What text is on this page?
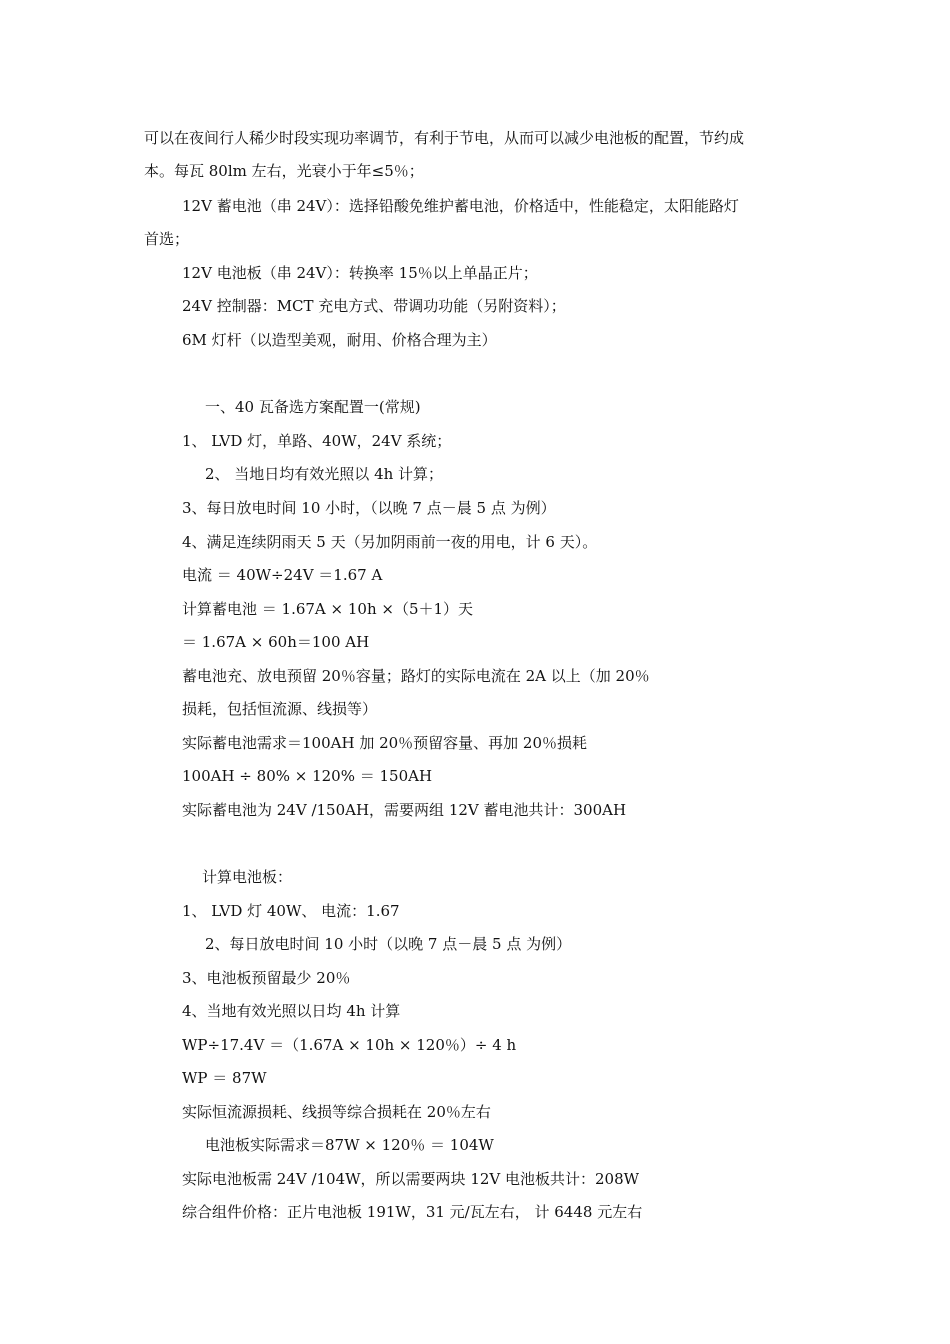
可以在夜间行人稀少时段实现功率调节，有利于节电，从而可以减少电池板的配置，节约成
本。每瓦 80lm 左右，光衰小于年≤5％；
12V 蓄电池（串 24V）：选择铅酸免维护蓄电池，价格适中，性能稳定，太阳能路灯
首选；
12V 电池板（串 24V）：转换率 15％以上单晶正片；
24V 控制器：MCT 充电方式、带调功功能（另附资料）；
6M 灯杆（以造型美观，耐用、价格合理为主）
一、40 瓦备选方案配置一(常规)
1、 LVD 灯，单路、40W，24V 系统；
2、 当地日均有效光照以 4h 计算；
3、每日放电时间 10 小时，（以晚 7 点－晨 5 点 为例）
4、满足连续阴雨天 5 天（另加阴雨前一夜的用电，计 6 天）。
电流 ＝ 40W÷24V ＝1.67 A
计算蓄电池 ＝ 1.67A × 10h ×（5＋1）天
＝ 1.67A × 60h＝100 AH
蓄电池充、放电预留 20％容量；路灯的实际电流在 2A 以上（加 20％
损耗，包括恒流源、线损等）
实际蓄电池需求＝100AH 加 20％预留容量、再加 20％损耗
100AH ÷ 80% × 120% ＝ 150AH
实际蓄电池为 24V /150AH，需要两组 12V 蓄电池共计：300AH
计算电池板：
1、 LVD 灯 40W、 电流：1.67
2、每日放电时间 10 小时（以晚 7 点－晨 5 点 为例）
3、电池板预留最少 20％
4、当地有效光照以日均 4h 计算
WP÷17.4V ＝（1.67A × 10h × 120％）÷ 4 h
WP ＝ 87W
实际恒流源损耗、线损等综合损耗在 20％左右
电池板实际需求＝87W × 120％ ＝ 104W
实际电池板需 24V /104W，所以需要两块 12V 电池板共计：208W
综合组件价格：正片电池板 191W，31 元/瓦左右， 计 6448 元左右
